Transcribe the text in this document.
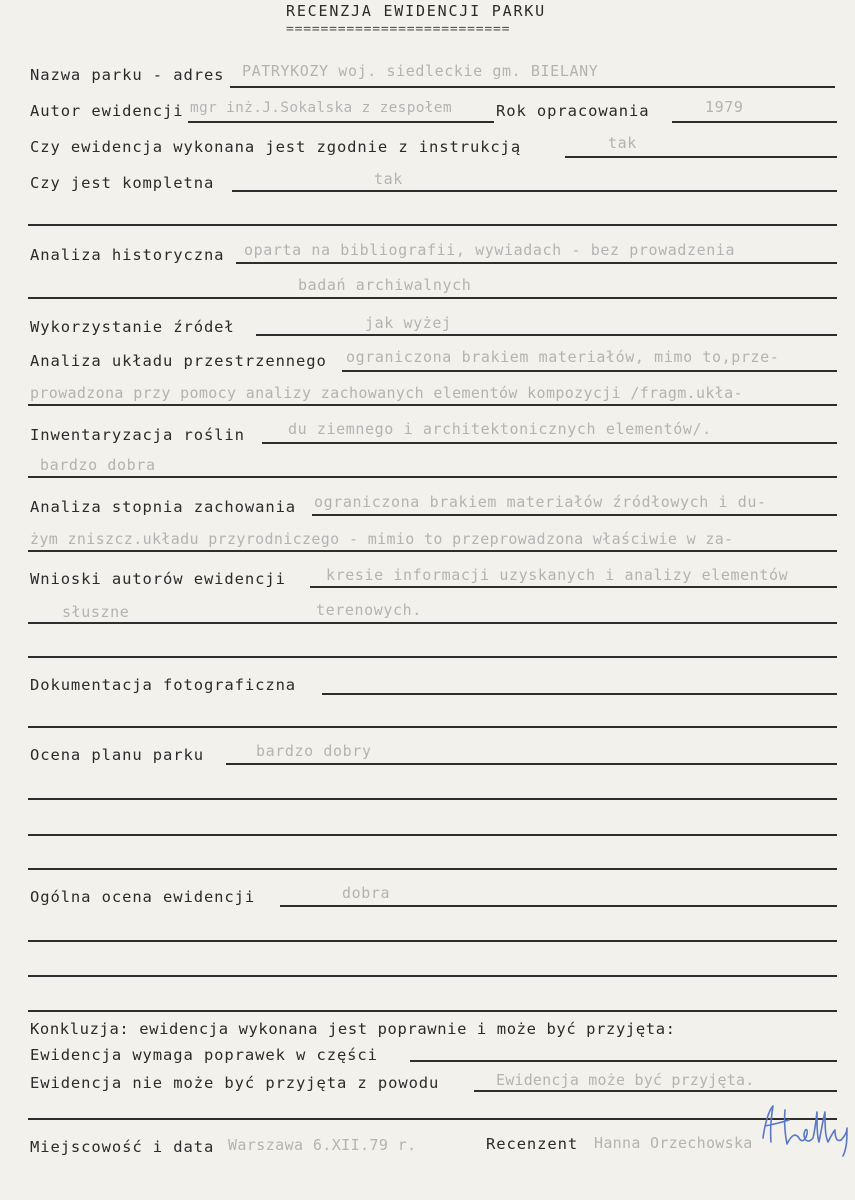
RECENZJA EWIDENCJI PARKU
==========================
Nazwa parku - adres PATRYKOZY woj. siedleckie gm. BIELANY
Autor ewidencji mgr inż.J.Sokalska z zespołem	Rok opracowania	1979
Czy ewidencja wykonana jest zgodnie z instrukcją	tak
Czy jest kompletna	tak
Analiza historyczna oparta na bibliografii, wywiadach - bez prowadzenia
badań archiwalnych
Wykorzystanie źródeł	jak wyżej
Analiza układu przestrzennego ograniczona brakiem materiałów, mimo to,prze-
prowadzona przy pomocy analizy zachowanych elementów kompozycji /fragm.ukła-
Inwentaryzacja roślin	du ziemnego i architektonicznych elementów/.
bardzo dobra
Analiza stopnia zachowania ograniczona brakiem materiałów źródłowych i du-
żym zniszcz.układu przyrodniczego - mimio to przeprowadzona właściwie w za-
Wnioski autorów ewidencji	kresie informacji uzyskanych i analizy elementów
słuszne	terenowych.
Dokumentacja fotograficzna
Ocena planu parku	bardzo dobry
Ogólna ocena ewidencji	dobra
Konkluzja: ewidencja wykonana jest poprawnie i może być przyjęta:
Ewidencja wymaga poprawek w części
Ewidencja nie może być przyjęta z powodu	Ewidencja może być przyjęta.
Miejscowość i data Warszawa 6.XII.79 r.	Recenzent Hanna Orzechowska
